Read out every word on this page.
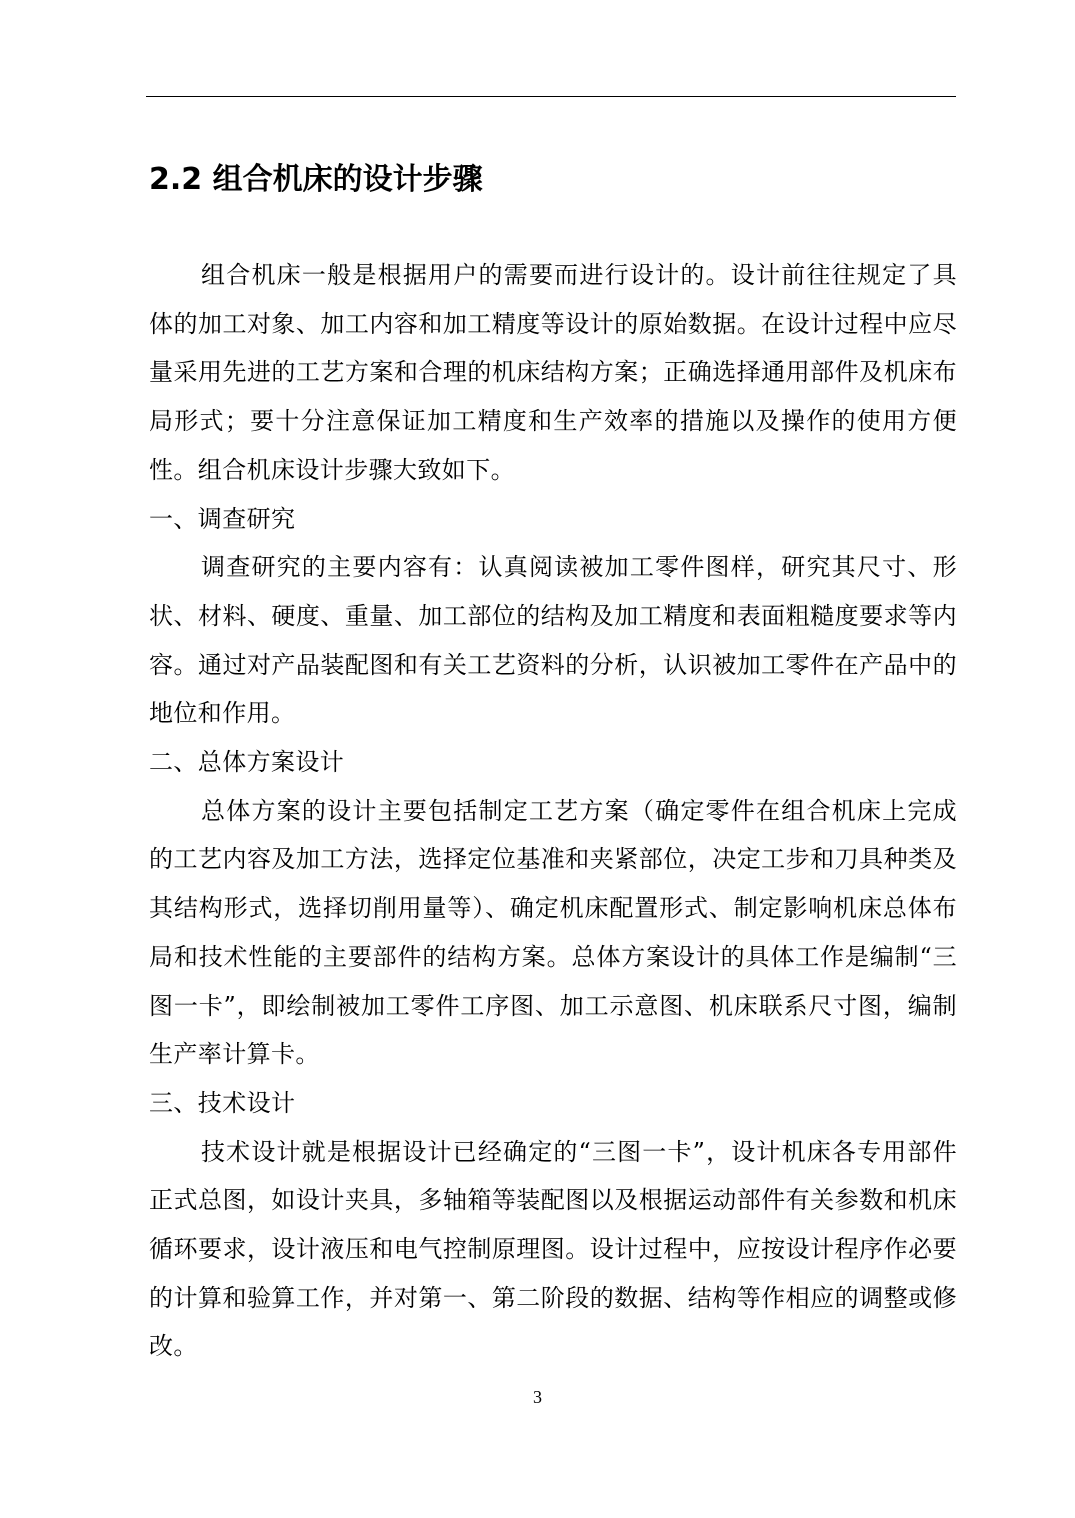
2.2 组合机床的设计步骤

组合机床一般是根据用户的需要而进行设计的。设计前往往规定了具体的加工对象、加工内容和加工精度等设计的原始数据。在设计过程中应尽量采用先进的工艺方案和合理的机床结构方案；正确选择通用部件及机床布局形式；要十分注意保证加工精度和生产效率的措施以及操作的使用方便性。组合机床设计步骤大致如下。

一、调查研究

调查研究的主要内容有：认真阅读被加工零件图样，研究其尺寸、形状、材料、硬度、重量、加工部位的结构及加工精度和表面粗糙度要求等内容。通过对产品装配图和有关工艺资料的分析，认识被加工零件在产品中的地位和作用。

二、总体方案设计

总体方案的设计主要包括制定工艺方案（确定零件在组合机床上完成的工艺内容及加工方法，选择定位基准和夹紧部位，决定工步和刀具种类及其结构形式，选择切削用量等）、确定机床配置形式、制定影响机床总体布局和技术性能的主要部件的结构方案。总体方案设计的具体工作是编制“三图一卡”，即绘制被加工零件工序图、加工示意图、机床联系尺寸图，编制生产率计算卡。

三、技术设计

技术设计就是根据设计已经确定的“三图一卡”，设计机床各专用部件正式总图，如设计夹具，多轴箱等装配图以及根据运动部件有关参数和机床循环要求，设计液压和电气控制原理图。设计过程中，应按设计程序作必要的计算和验算工作，并对第一、第二阶段的数据、结构等作相应的调整或修改。

3
